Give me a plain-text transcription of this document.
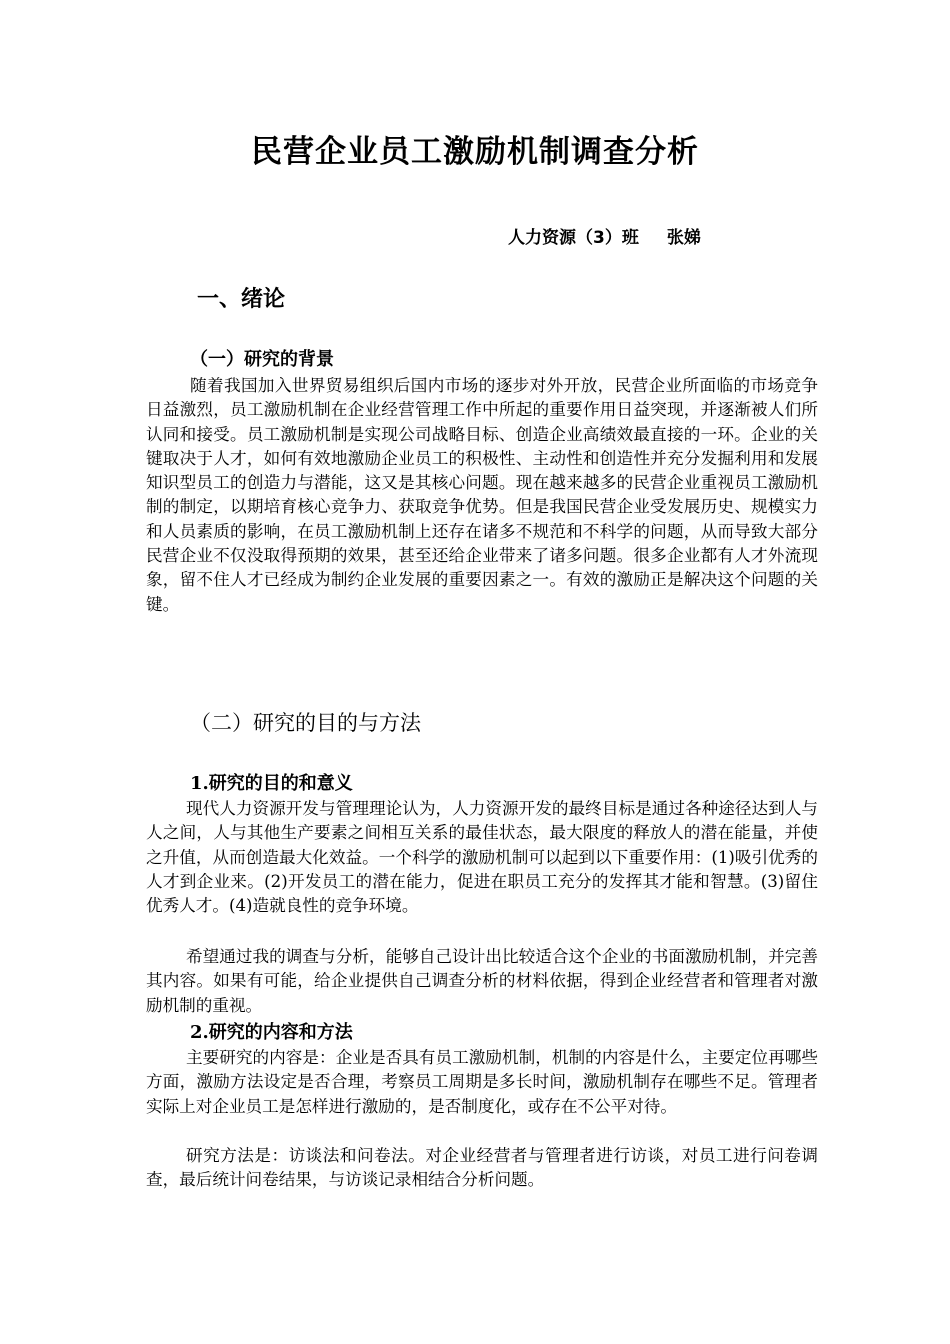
民营企业员工激励机制调查分析
人力资源（3）班 张娣
一、绪论
（一）研究的背景

随着我国加入世界贸易组织后国内市场的逐步对外开放，民营企业所面临的市场竞争日益激烈，员工激励机制在企业经营管理工作中所起的重要作用日益突现，并逐渐被人们所认同和接受。员工激励机制是实现公司战略目标、创造企业高绩效最直接的一环。企业的关键取决于人才，如何有效地激励企业员工的积极性、主动性和创造性并充分发掘利用和发展知识型员工的创造力与潜能，这又是其核心问题。现在越来越多的民营企业重视员工激励机制的制定，以期培育核心竞争力、获取竞争优势。但是我国民营企业受发展历史、规模实力和人员素质的影响，在员工激励机制上还存在诸多不规范和不科学的问题，从而导致大部分民营企业不仅没取得预期的效果，甚至还给企业带来了诸多问题。很多企业都有人才外流现象，留不住人才已经成为制约企业发展的重要因素之一。有效的激励正是解决这个问题的关键。

（二）研究的目的与方法
1.研究的目的和意义

现代人力资源开发与管理理论认为，人力资源开发的最终目标是通过各种途径达到人与人之间，人与其他生产要素之间相互关系的最佳状态，最大限度的释放人的潜在能量，并使之升值，从而创造最大化效益。一个科学的激励机制可以起到以下重要作用：(1)吸引优秀的人才到企业来。(2)开发员工的潜在能力，促进在职员工充分的发挥其才能和智慧。(3)留住优秀人才。(4)造就良性的竞争环境。

希望通过我的调查与分析，能够自己设计出比较适合这个企业的书面激励机制，并完善其内容。如果有可能，给企业提供自己调查分析的材料依据，得到企业经营者和管理者对激励机制的重视。

2.研究的内容和方法

主要研究的内容是：企业是否具有员工激励机制，机制的内容是什么，主要定位再哪些方面，激励方法设定是否合理，考察员工周期是多长时间，激励机制存在哪些不足。管理者实际上对企业员工是怎样进行激励的，是否制度化，或存在不公平对待。

研究方法是：访谈法和问卷法。对企业经营者与管理者进行访谈，对员工进行问卷调查，最后统计问卷结果，与访谈记录相结合分析问题。
